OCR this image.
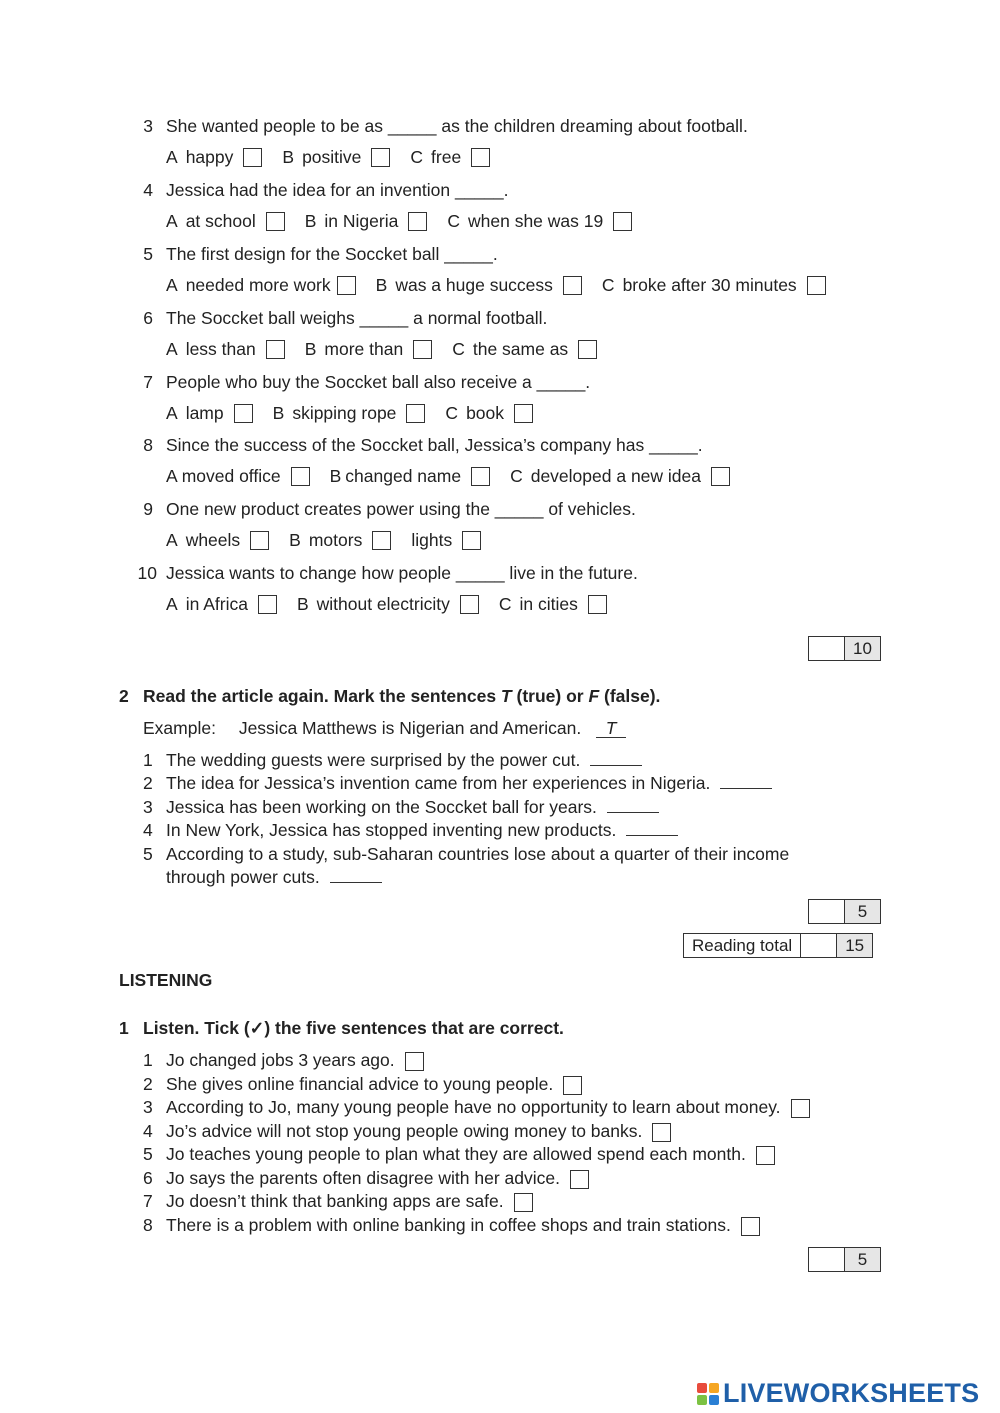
3 She wanted people to be as _____ as the children dreaming about football.
A happy	B positive	C free
4 Jessica had the idea for an invention _____.
A at school	B in Nigeria	C when she was 19
5 The first design for the Soccket ball _____.
A needed more work	B was a huge success	C broke after 30 minutes
6 The Soccket ball weighs _____ a normal football.
A less than	B more than	C the same as
7 People who buy the Soccket ball also receive a _____.
A lamp	B skipping rope	C book
8 Since the success of the Soccket ball, Jessica’s company has _____.
A moved office	B changed name	C developed a new idea
9 One new product creates power using the _____ of vehicles.
A wheels	B motors	lights
10 Jessica wants to change how people _____ live in the future.
A in Africa	B without electricity	C in cities
10
2 Read the article again. Mark the sentences T (true) or F (false).
Example: Jessica Matthews is Nigerian and American. T
1 The wedding guests were surprised by the power cut.
2 The idea for Jessica’s invention came from her experiences in Nigeria.
3 Jessica has been working on the Soccket ball for years.
4 In New York, Jessica has stopped inventing new products.
5 According to a study, sub-Saharan countries lose about a quarter of their income
through power cuts.
5
Reading total	15
LISTENING
1 Listen. Tick (✓) the five sentences that are correct.
1 Jo changed jobs 3 years ago.
2 She gives online financial advice to young people.
3 According to Jo, many young people have no opportunity to learn about money.
4 Jo’s advice will not stop young people owing money to banks.
5 Jo teaches young people to plan what they are allowed spend each month.
6 Jo says the parents often disagree with her advice.
7 Jo doesn’t think that banking apps are safe.
8 There is a problem with online banking in coffee shops and train stations.
5
LIVEWORKSHEETS
